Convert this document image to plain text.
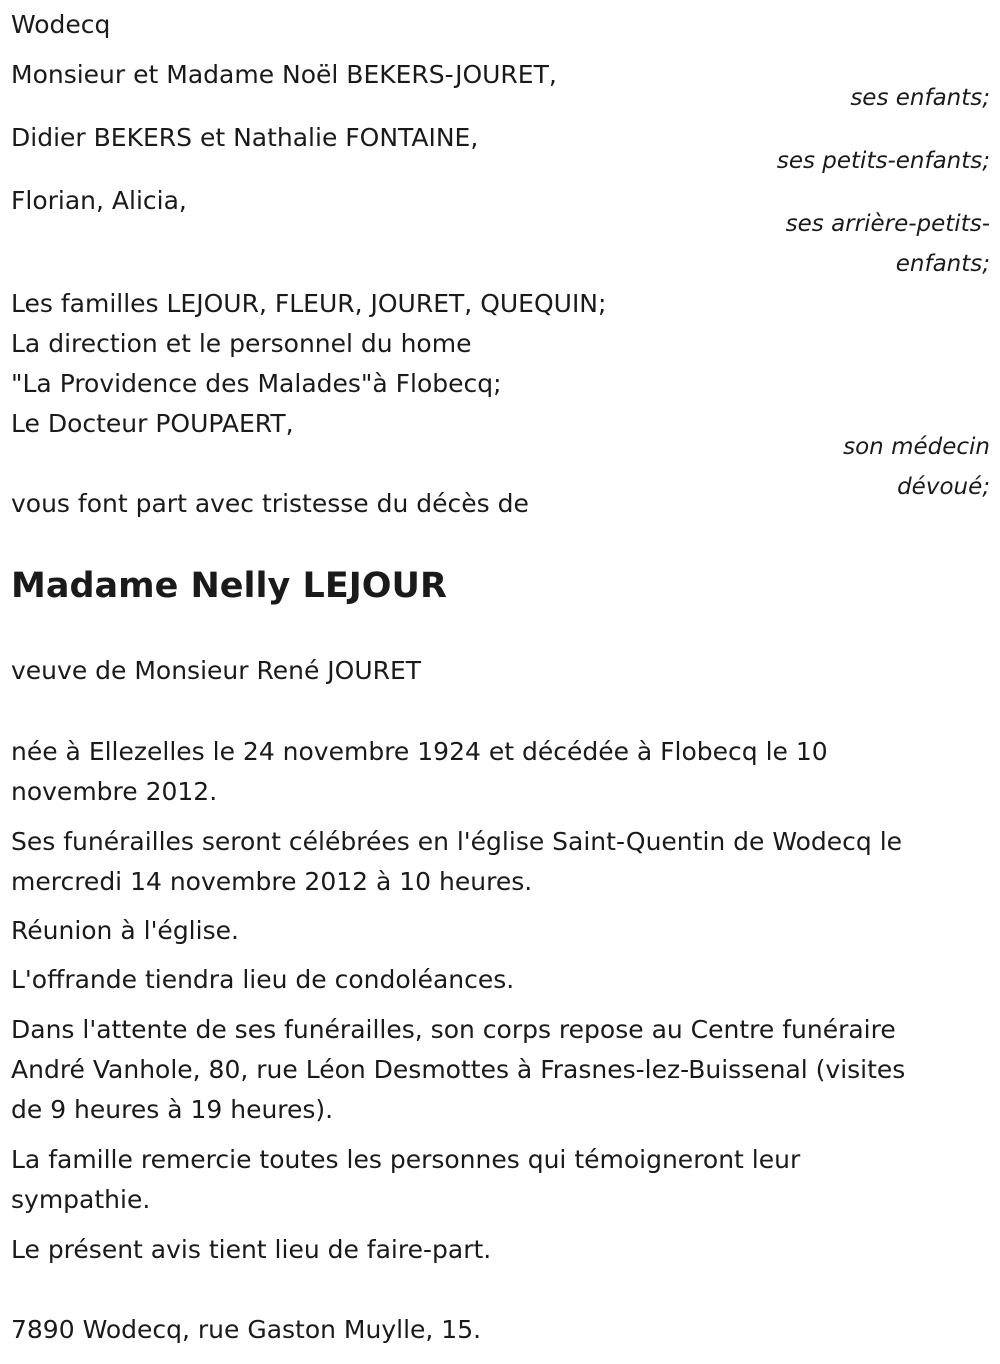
Wodecq

Monsieur et Madame Noël BEKERS-JOURET,

ses enfants;

Didier BEKERS et Nathalie FONTAINE,

ses petits-enfants;

Florian, Alicia,

ses arrière-petits-

enfants;

Les familles LEJOUR, FLEUR, JOURET, QUEQUIN;

La direction et le personnel du home

"La Providence des Malades"à Flobecq;

Le Docteur POUPAERT,

son médecin

dévoué;

vous font part avec tristesse du décès de

Madame Nelly LEJOUR

veuve de Monsieur René JOURET

née à Ellezelles le 24 novembre 1924 et décédée à Flobecq le 10

novembre 2012.

Ses funérailles seront célébrées en l'église Saint-Quentin de Wodecq le

mercredi 14 novembre 2012 à 10 heures.

Réunion à l'église.

L'offrande tiendra lieu de condoléances.

Dans l'attente de ses funérailles, son corps repose au Centre funéraire

André Vanhole, 80, rue Léon Desmottes à Frasnes-lez-Buissenal (visites

de 9 heures à 19 heures).

La famille remercie toutes les personnes qui témoigneront leur

sympathie.

Le présent avis tient lieu de faire-part.

7890 Wodecq, rue Gaston Muylle, 15.
